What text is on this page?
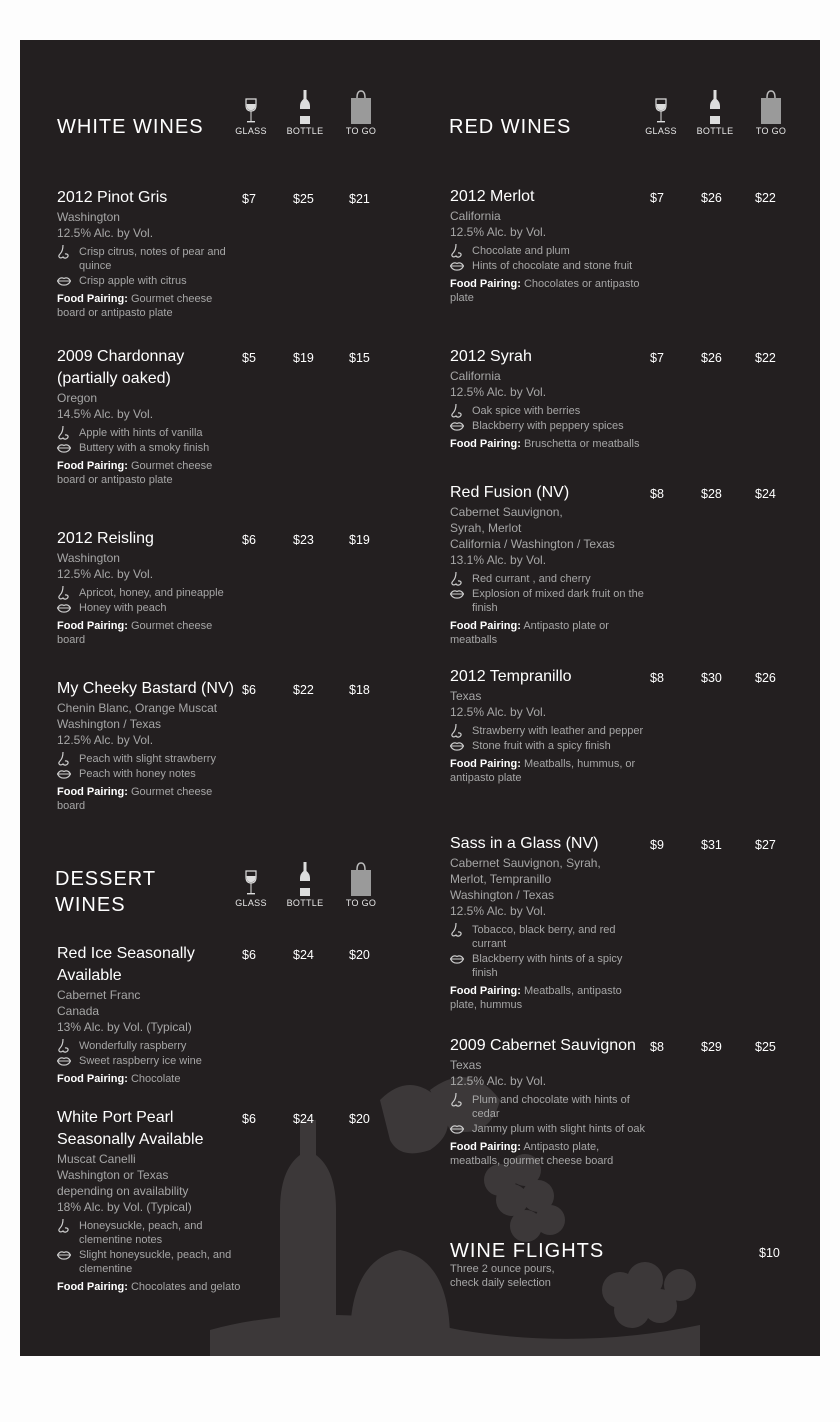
WHITE WINES	GLASS	BOTTLE	TO GO	RED WINES	GLASS	BOTTLE	TO GO
DESSERT WINES	GLASS	BOTTLE	TO GO
2012 Pinot Gris	$7	$25	$21
Washington
12.5% Alc. by Vol.
Crisp citrus, notes of pear and quince
Crisp apple with citrus
Food Pairing: Gourmet cheese board or antipasto plate
2009 Chardonnay (partially oaked)
$5	$19	$15
Oregon
14.5% Alc. by Vol.
Apple with hints of vanilla
Buttery with a smoky finish
Food Pairing: Gourmet cheese board or antipasto plate
2012 Reisling	$6	$23	$19
Washington
12.5% Alc. by Vol.
Apricot, honey, and pineapple
Honey with peach
Food Pairing: Gourmet cheese board
My Cheeky Bastard (NV) $6	$22	$18
Chenin Blanc, Orange Muscat
Washington / Texas
12.5% Alc. by Vol.
Peach with slight strawberry
Peach with honey notes
Food Pairing: Gourmet cheese board
Red Ice Seasonally Available
$6	$24	$20
Cabernet Franc
Canada
13% Alc. by Vol. (Typical)
Wonderfully raspberry
Sweet raspberry ice wine
Food Pairing: Chocolate
White Port Pearl Seasonally Available
$6	$24	$20
Muscat Canelli
Washington or Texas
depending on availability
18% Alc. by Vol. (Typical)
Honeysuckle, peach, and clementine notes
Slight honeysuckle, peach, and clementine
Food Pairing: Chocolates and gelato
2012 Merlot	$7	$26	$22
California
12.5% Alc. by Vol.
Chocolate and plum
Hints of chocolate and stone fruit
Food Pairing: Chocolates or antipasto plate
2012 Syrah	$7	$26	$22
California
12.5% Alc. by Vol.
Oak spice with berries
Blackberry with peppery spices
Food Pairing: Bruschetta or meatballs
Red Fusion (NV)	$8	$28	$24
Cabernet Sauvignon,
Syrah, Merlot
California / Washington / Texas
13.1% Alc. by Vol.
Red currant , and cherry
Explosion of mixed dark fruit on the finish
Food Pairing: Antipasto plate or meatballs
2012 Tempranillo	$8	$30	$26
Texas
12.5% Alc. by Vol.
Strawberry with leather and pepper
Stone fruit with a spicy finish
Food Pairing: Meatballs, hummus, or antipasto plate
Sass in a Glass (NV)	$9	$31	$27
Cabernet Sauvignon, Syrah,
Merlot, Tempranillo
Washington / Texas
12.5% Alc. by Vol.
Tobacco, black berry, and red currant
Blackberry with hints of a spicy finish
Food Pairing: Meatballs, antipasto plate, hummus
2009 Cabernet Sauvignon	$8	$29	$25
Texas
12.5% Alc. by Vol.
Plum and chocolate with hints of cedar
Jammy plum with slight hints of oak
Food Pairing: Antipasto plate, meatballs, gourmet cheese board
WINE FLIGHTS	$10
Three 2 ounce pours, check daily selection
